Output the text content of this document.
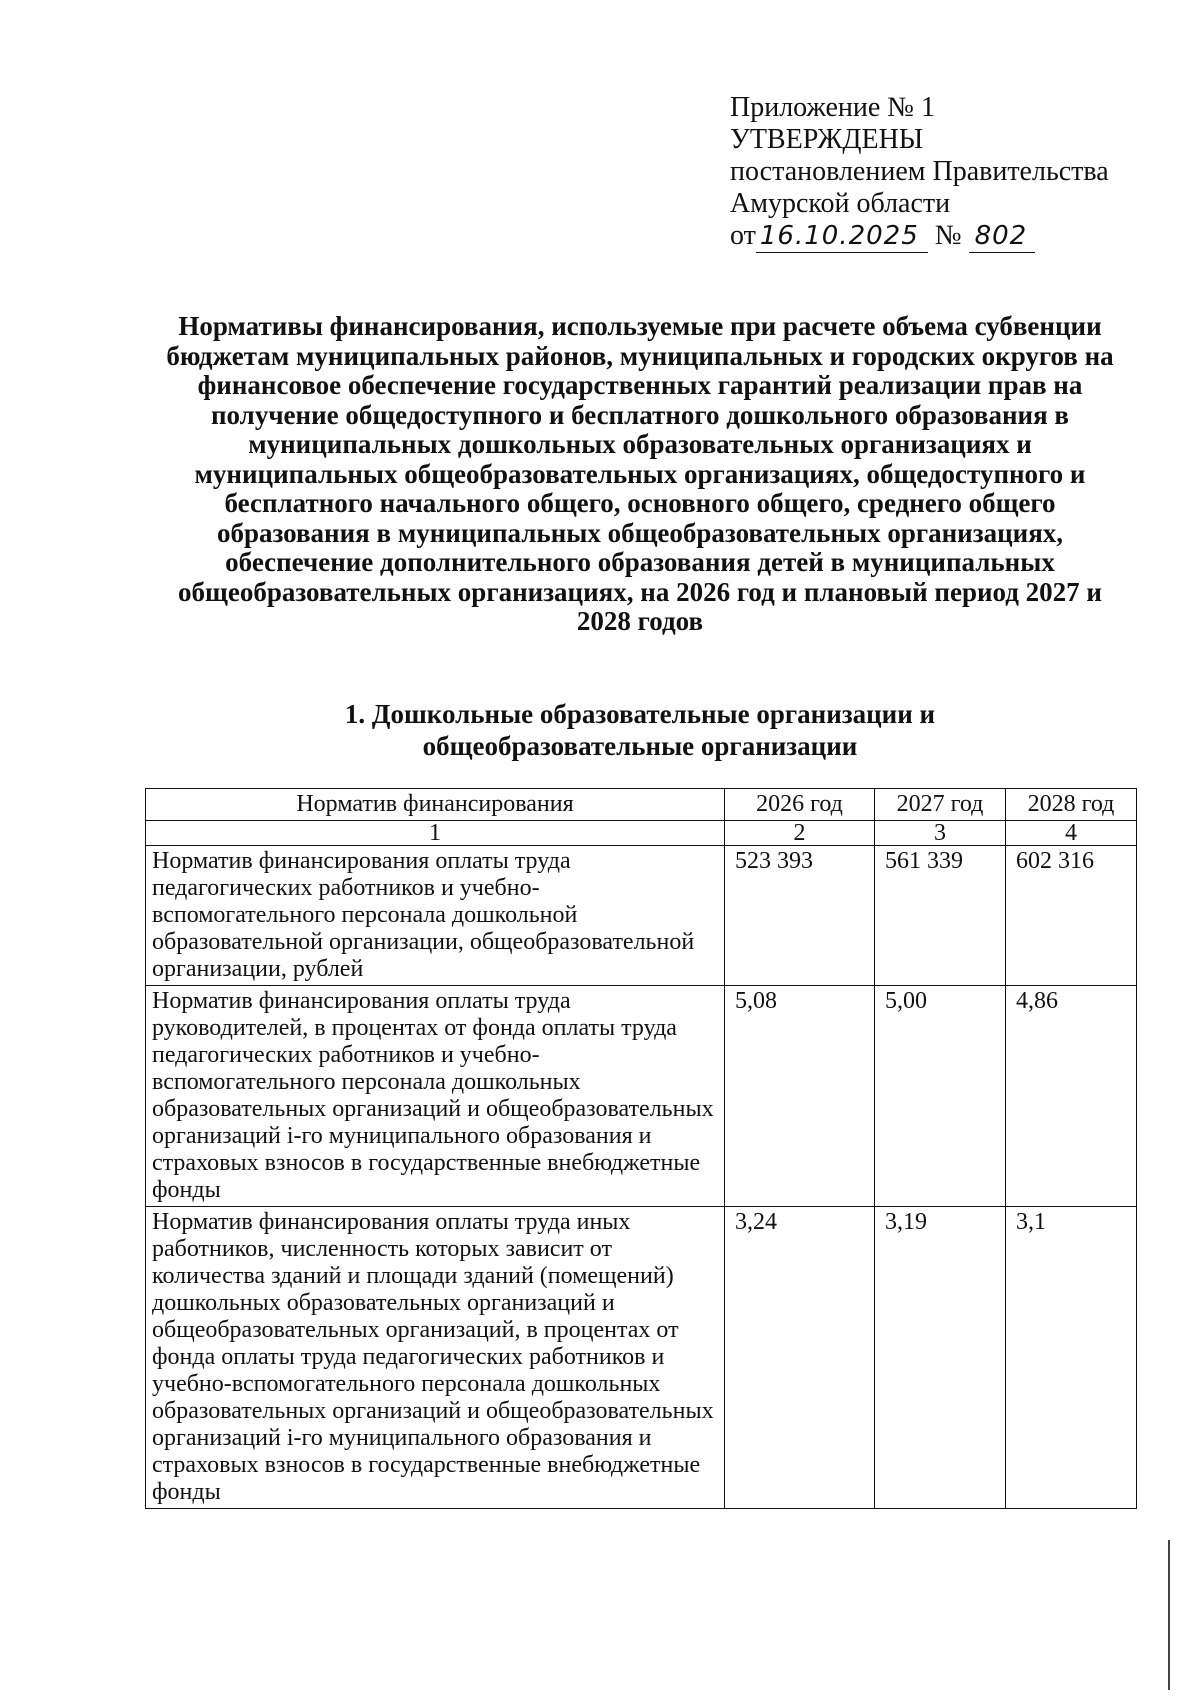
Приложение № 1
УТВЕРЖДЕНЫ
постановлением Правительства
Амурской области
от 16.10.2025 № 802

Нормативы финансирования, используемые при расчете объема субвенции бюджетам муниципальных районов, муниципальных и городских округов на финансовое обеспечение государственных гарантий реализации прав на получение общедоступного и бесплатного дошкольного образования в муниципальных дошкольных образовательных организациях и муниципальных общеобразовательных организациях, общедоступного и бесплатного начального общего, основного общего, среднего общего образования в муниципальных общеобразовательных организациях, обеспечение дополнительного образования детей в муниципальных общеобразовательных организациях, на 2026 год и плановый период 2027 и 2028 годов

1. Дошкольные образовательные организации и
общеобразовательные организации
Норматив финансирования	2026 год	2027 год	2028 год
1	2	3	4
Норматив финансирования оплаты труда педагогических работников и учебно-вспомогательного персонала дошкольной образовательной организации, общеобразовательной организации, рублей	523 393	561 339	602 316
Норматив финансирования оплаты труда руководителей, в процентах от фонда оплаты труда педагогических работников и учебно-вспомогательного персонала дошкольных образовательных организаций и общеобразовательных организаций i-го муниципального образования и страховых взносов в государственные внебюджетные фонды	5,08	5,00	4,86
Норматив финансирования оплаты труда иных работников, численность которых зависит от количества зданий и площади зданий (помещений) дошкольных образовательных организаций и общеобразовательных организаций, в процентах от фонда оплаты труда педагогических работников и учебно-вспомогательного персонала дошкольных образовательных организаций и общеобразовательных организаций i-го муниципального образования и страховых взносов в государственные внебюджетные фонды	3,24	3,19	3,1
